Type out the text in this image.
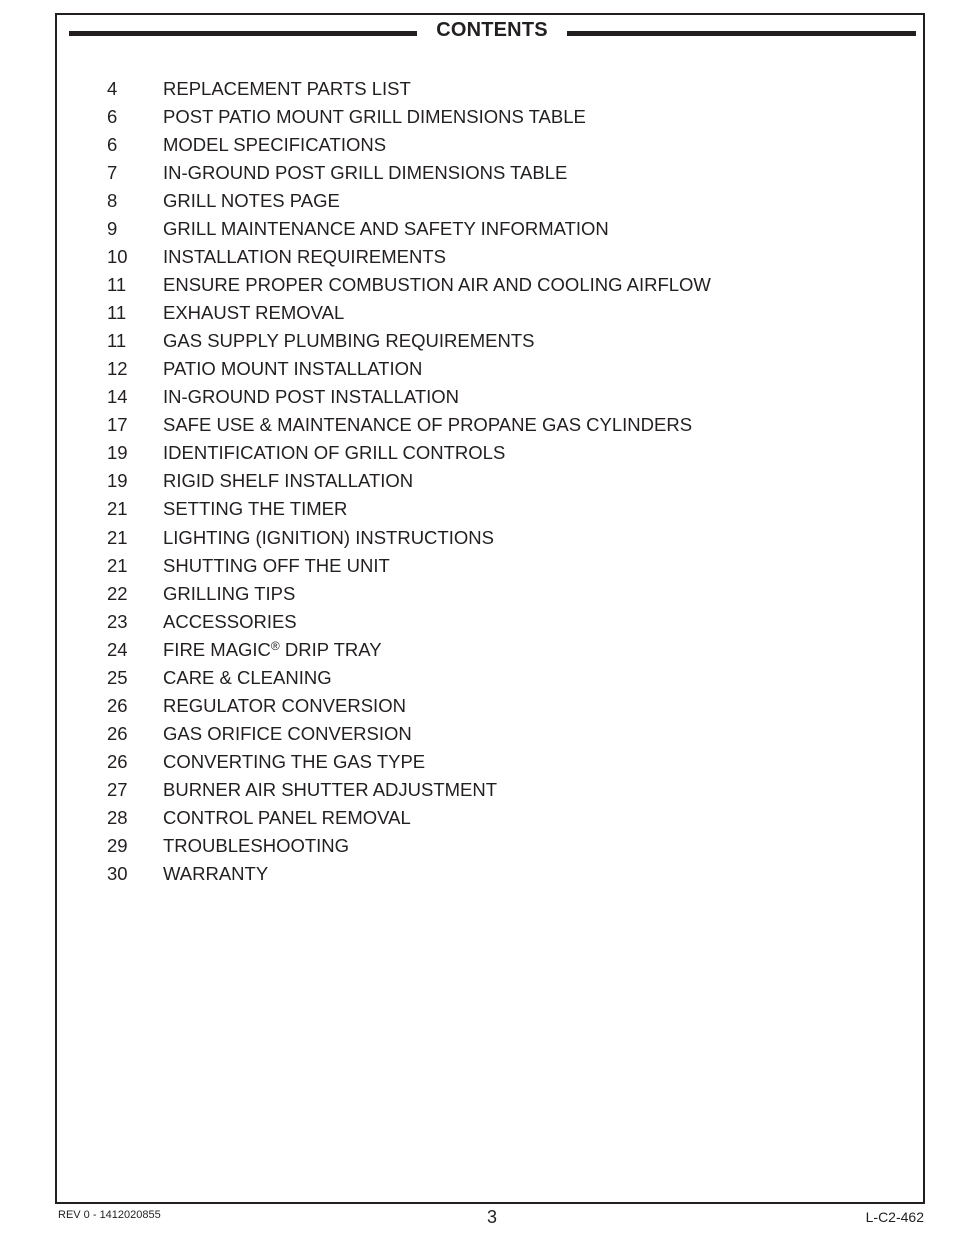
CONTENTS
4 REPLACEMENT PARTS LIST
6 POST PATIO MOUNT GRILL DIMENSIONS TABLE
6 MODEL SPECIFICATIONS
7 IN-GROUND POST GRILL DIMENSIONS TABLE
8 GRILL NOTES PAGE
9 GRILL MAINTENANCE AND SAFETY INFORMATION
10 INSTALLATION REQUIREMENTS
11 ENSURE PROPER COMBUSTION AIR AND COOLING AIRFLOW
11 EXHAUST REMOVAL
11 GAS SUPPLY PLUMBING REQUIREMENTS
12 PATIO MOUNT INSTALLATION
14 IN-GROUND POST INSTALLATION
17 SAFE USE & MAINTENANCE OF PROPANE GAS CYLINDERS
19 IDENTIFICATION OF GRILL CONTROLS
19 RIGID SHELF INSTALLATION
21 SETTING THE TIMER
21 LIGHTING (IGNITION) INSTRUCTIONS
21 SHUTTING OFF THE UNIT
22 GRILLING TIPS
23 ACCESSORIES
24 FIRE MAGIC® DRIP TRAY
25 CARE & CLEANING
26 REGULATOR CONVERSION
26 GAS ORIFICE CONVERSION
26 CONVERTING THE GAS TYPE
27 BURNER AIR SHUTTER ADJUSTMENT
28 CONTROL PANEL REMOVAL
29 TROUBLESHOOTING
30 WARRANTY
REV 0 - 1412020855	3	L-C2-462
